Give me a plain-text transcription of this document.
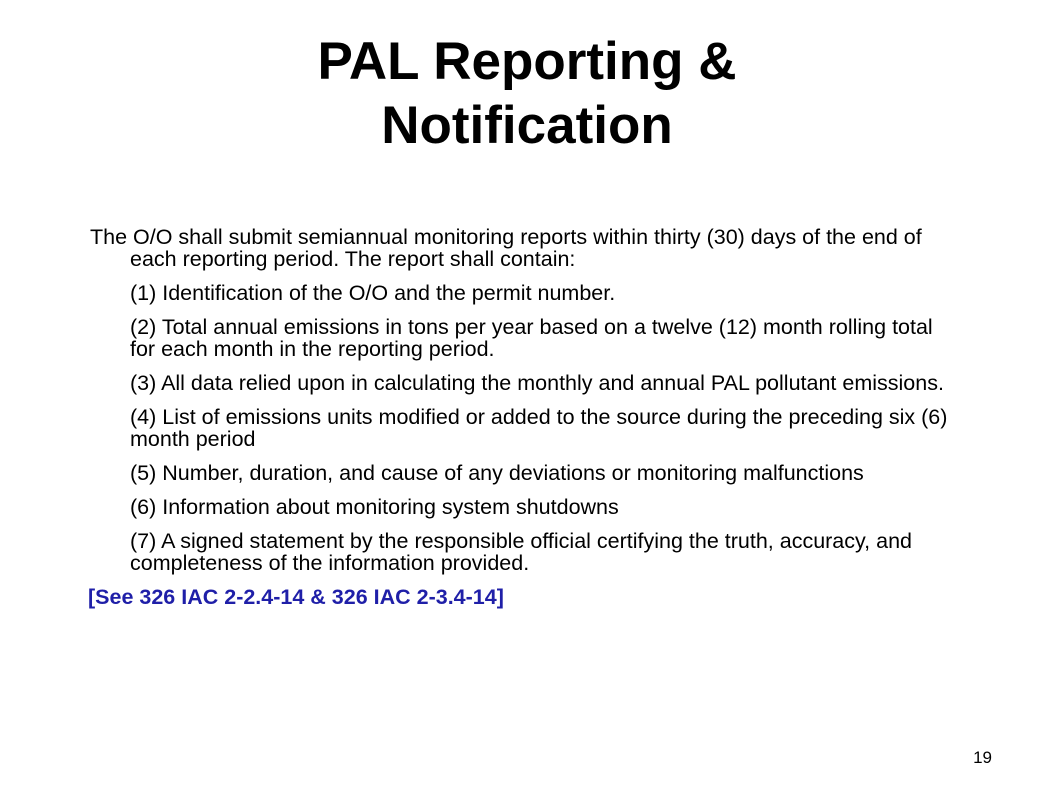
PAL Reporting &
Notification

The O/O shall submit semiannual monitoring reports within thirty (30) days of the end of each reporting period. The report shall contain:

(1) Identification of the O/O and the permit number.
(2) Total annual emissions in tons per year based on a twelve (12) month rolling total for each month in the reporting period.
(3) All data relied upon in calculating the monthly and annual PAL pollutant emissions.
(4) List of emissions units modified or added to the source during the preceding six (6) month period
(5) Number, duration, and cause of any deviations or monitoring malfunctions
(6) Information about monitoring system shutdowns
(7) A signed statement by the responsible official certifying the truth, accuracy, and completeness of the information provided.

[See 326 IAC 2-2.4-14 & 326 IAC 2-3.4-14]

19
